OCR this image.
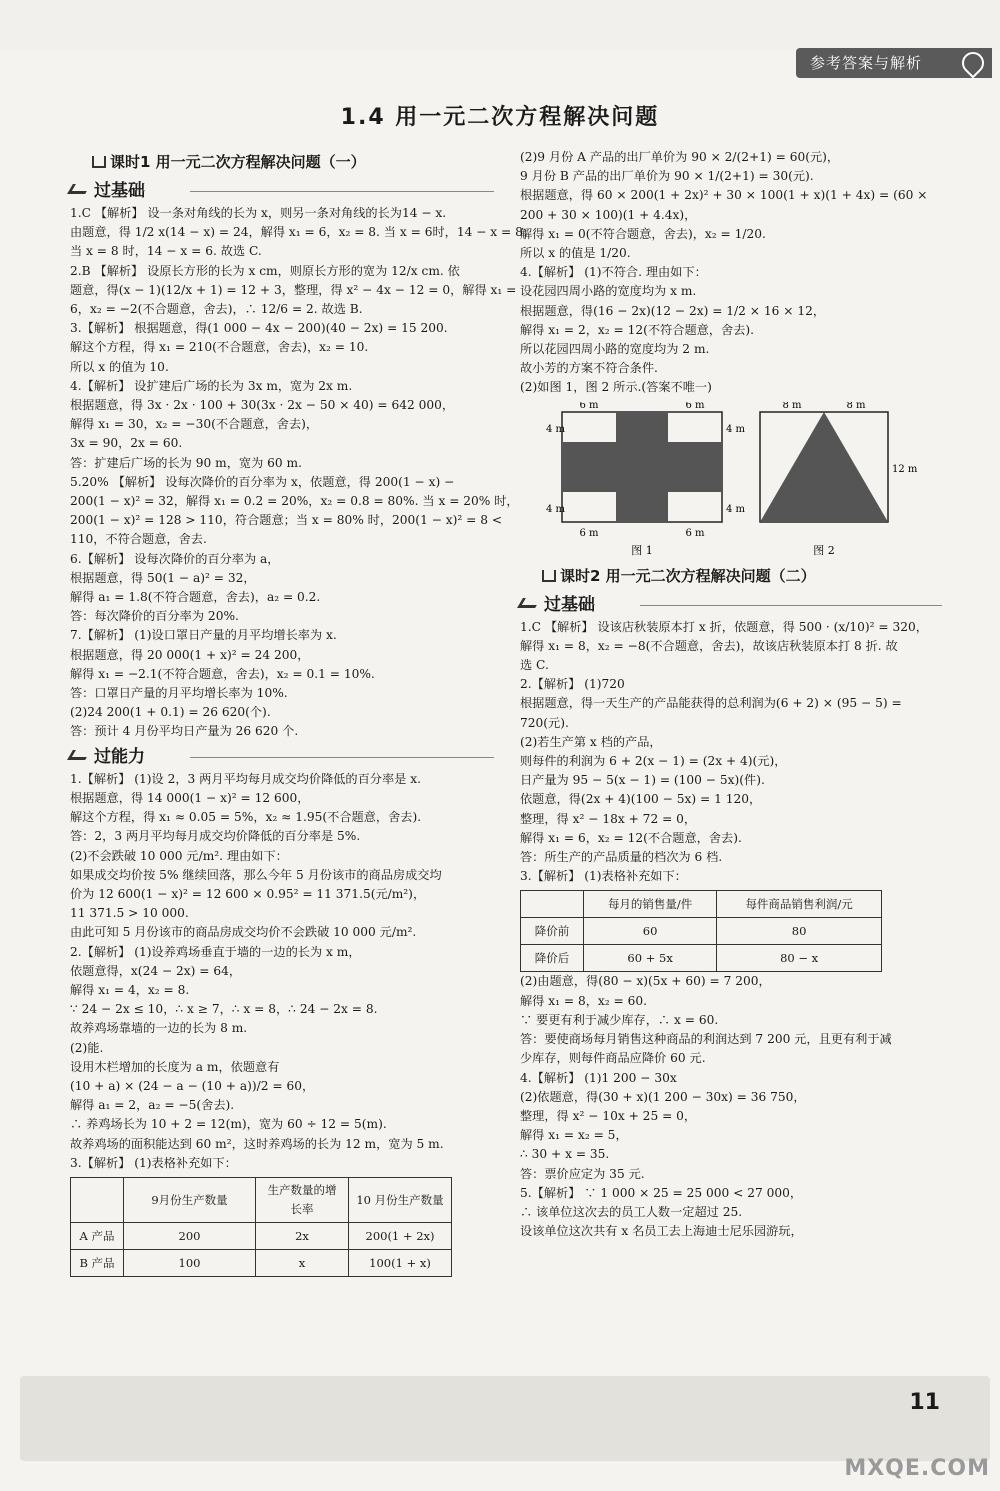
参考答案与解析
1.4 用一元二次方程解决问题
课时1 用一元二次方程解决问题（一）
过基础

1.C 【解析】 设一条对角线的长为 x，则另一条对角线的长为14 − x.

由题意，得 1/2 x(14 − x) = 24，解得 x₁ = 6，x₂ = 8. 当 x = 6时，14 − x = 8；

当 x = 8 时，14 − x = 6. 故选 C.

2.B 【解析】 设原长方形的长为 x cm，则原长方形的宽为 12/x cm. 依

题意，得(x − 1)(12/x + 1) = 12 + 3，整理，得 x² − 4x − 12 = 0，解得 x₁ =

6，x₂ = −2(不合题意，舍去)，∴ 12/6 = 2. 故选 B.

3.【解析】 根据题意，得(1 000 − 4x − 200)(40 − 2x) = 15 200.

解这个方程，得 x₁ = 210(不合题意，舍去)，x₂ = 10.

所以 x 的值为 10.

4.【解析】 设扩建后广场的长为 3x m，宽为 2x m.

根据题意，得 3x · 2x · 100 + 30(3x · 2x − 50 × 40) = 642 000，

解得 x₁ = 30，x₂ = −30(不合题意，舍去)，

3x = 90，2x = 60.

答：扩建后广场的长为 90 m，宽为 60 m.

5.20% 【解析】 设每次降价的百分率为 x，依题意，得 200(1 − x) −

200(1 − x)² = 32，解得 x₁ = 0.2 = 20%，x₂ = 0.8 = 80%. 当 x = 20% 时，

200(1 − x)² = 128 > 110，符合题意；当 x = 80% 时，200(1 − x)² = 8 <

110，不符合题意，舍去.

6.【解析】 设每次降价的百分率为 a，

根据题意，得 50(1 − a)² = 32，

解得 a₁ = 1.8(不符合题意，舍去)，a₂ = 0.2.

答：每次降价的百分率为 20%.

7.【解析】 (1)设口罩日产量的月平均增长率为 x.

根据题意，得 20 000(1 + x)² = 24 200，

解得 x₁ = −2.1(不符合题意，舍去)，x₂ = 0.1 = 10%.

答：口罩日产量的月平均增长率为 10%.

(2)24 200(1 + 0.1) = 26 620(个).

答：预计 4 月份平均日产量为 26 620 个.

过能力

1.【解析】 (1)设 2，3 两月平均每月成交均价降低的百分率是 x.

根据题意，得 14 000(1 − x)² = 12 600，

解这个方程，得 x₁ ≈ 0.05 = 5%，x₂ ≈ 1.95(不合题意，舍去).

答：2，3 两月平均每月成交均价降低的百分率是 5%.

(2)不会跌破 10 000 元/m². 理由如下：

如果成交均价按 5% 继续回落，那么今年 5 月份该市的商品房成交均

价为 12 600(1 − x)² = 12 600 × 0.95² = 11 371.5(元/m²)，

11 371.5 > 10 000.

由此可知 5 月份该市的商品房成交均价不会跌破 10 000 元/m².

2.【解析】 (1)设养鸡场垂直于墙的一边的长为 x m，

依题意得，x(24 − 2x) = 64，

解得 x₁ = 4，x₂ = 8.

∵ 24 − 2x ≤ 10，∴ x ≥ 7，∴ x = 8，∴ 24 − 2x = 8.

故养鸡场靠墙的一边的长为 8 m.

(2)能.

设用木栏增加的长度为 a m，依题意有

(10 + a) × (24 − a − (10 + a))/2 = 60，

解得 a₁ = 2，a₂ = −5(舍去).

∴ 养鸡场长为 10 + 2 = 12(m)，宽为 60 ÷ 12 = 5(m).

故养鸡场的面积能达到 60 m²，这时养鸡场的长为 12 m，宽为 5 m.

3.【解析】 (1)表格补充如下：

	9月份生产数量	生产数量的增长率	10 月份生产数量
A 产品	200	2x	200(1 + 2x)
B 产品	100	x	100(1 + x)

(2)9 月份 A 产品的出厂单价为 90 × 2/(2+1) = 60(元)，

9 月份 B 产品的出厂单价为 90 × 1/(2+1) = 30(元).

根据题意，得 60 × 200(1 + 2x)² + 30 × 100(1 + x)(1 + 4x) = (60 ×

200 + 30 × 100)(1 + 4.4x)，

解得 x₁ = 0(不符合题意，舍去)，x₂ = 1/20.

所以 x 的值是 1/20.

4.【解析】 (1)不符合. 理由如下：

设花园四周小路的宽度均为 x m.

根据题意，得(16 − 2x)(12 − 2x) = 1/2 × 16 × 12，

解得 x₁ = 2，x₂ = 12(不符合题意，舍去).

所以花园四周小路的宽度均为 2 m.

故小芳的方案不符合条件.

(2)如图 1，图 2 所示.(答案不唯一)

6 m	6 m
6 m	6 m
4 m
4 m
4 m
4 m
图 1
8 m	8 m
12 m
图 2
课时2 用一元二次方程解决问题（二）
过基础

1.C 【解析】 设该店秋装原本打 x 折，依题意，得 500 · (x/10)² = 320，

解得 x₁ = 8，x₂ = −8(不合题意，舍去)，故该店秋装原本打 8 折. 故

选 C.

2.【解析】 (1)720

根据题意，得一天生产的产品能获得的总利润为(6 + 2) × (95 − 5) =

720(元).

(2)若生产第 x 档的产品，

则每件的利润为 6 + 2(x − 1) = (2x + 4)(元)，

日产量为 95 − 5(x − 1) = (100 − 5x)(件).

依题意，得(2x + 4)(100 − 5x) = 1 120，

整理，得 x² − 18x + 72 = 0，

解得 x₁ = 6，x₂ = 12(不合题意，舍去).

答：所生产的产品质量的档次为 6 档.

3.【解析】 (1)表格补充如下：

	每月的销售量/件	每件商品销售利润/元
降价前	60	80
降价后	60 + 5x	80 − x

(2)由题意，得(80 − x)(5x + 60) = 7 200，

解得 x₁ = 8，x₂ = 60.

∵ 要更有利于减少库存，∴ x = 60.

答：要使商场每月销售这种商品的利润达到 7 200 元，且更有利于减

少库存，则每件商品应降价 60 元.

4.【解析】 (1)1 200 − 30x

(2)依题意，得(30 + x)(1 200 − 30x) = 36 750，

整理，得 x² − 10x + 25 = 0，

解得 x₁ = x₂ = 5，

∴ 30 + x = 35.

答：票价应定为 35 元.

5.【解析】 ∵ 1 000 × 25 = 25 000 < 27 000，

∴ 该单位这次去的员工人数一定超过 25.

设该单位这次共有 x 名员工去上海迪士尼乐园游玩，

11
MXQE.COM
